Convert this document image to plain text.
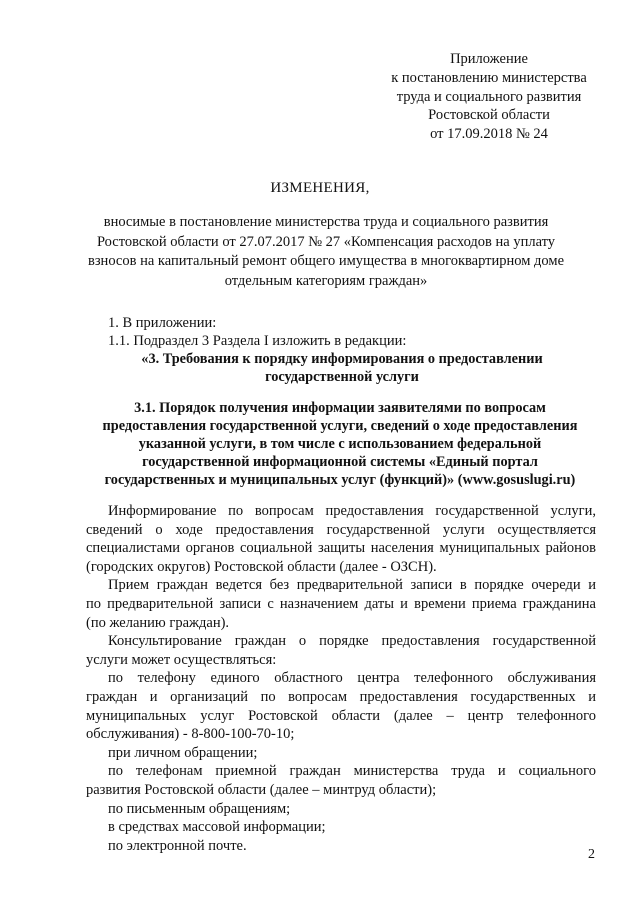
Приложение
к постановлению министерства
труда и социального развития
Ростовской области
от 17.09.2018 № 24
ИЗМЕНЕНИЯ,
вносимые в постановление министерства труда и социального развития
Ростовской области от 27.07.2017 № 27 «Компенсация расходов на уплату
взносов на капитальный ремонт общего имущества в многоквартирном доме
отдельным категориям граждан»
1. В приложении:
1.1. Подраздел 3 Раздела I изложить в редакции:
«3. Требования к порядку информирования о предоставлении
государственной услуги
3.1. Порядок получения информации заявителями по вопросам
предоставления государственной услуги, сведений о ходе предоставления
указанной услуги, в том числе с использованием федеральной
государственной информационной системы «Единый портал
государственных и муниципальных услуг (функций)» (www.gosuslugi.ru)
Информирование по вопросам предоставления государственной услуги,
сведений о ходе предоставления государственной услуги осуществляется
специалистами органов социальной защиты населения муниципальных районов
(городских округов) Ростовской области (далее - ОЗСН).
Прием граждан ведется без предварительной записи в порядке очереди и
по предварительной записи с назначением даты и времени приема гражданина
(по желанию граждан).
Консультирование граждан о порядке предоставления государственной
услуги может осуществляться:
по телефону единого областного центра телефонного обслуживания
граждан и организаций по вопросам предоставления государственных и
муниципальных услуг Ростовской области (далее – центр телефонного
обслуживания) - 8-800-100-70-10;
при личном обращении;
по телефонам приемной граждан министерства труда и социального
развития Ростовской области (далее – минтруд области);
по письменным обращениям;
в средствах массовой информации;
по электронной почте.
2
